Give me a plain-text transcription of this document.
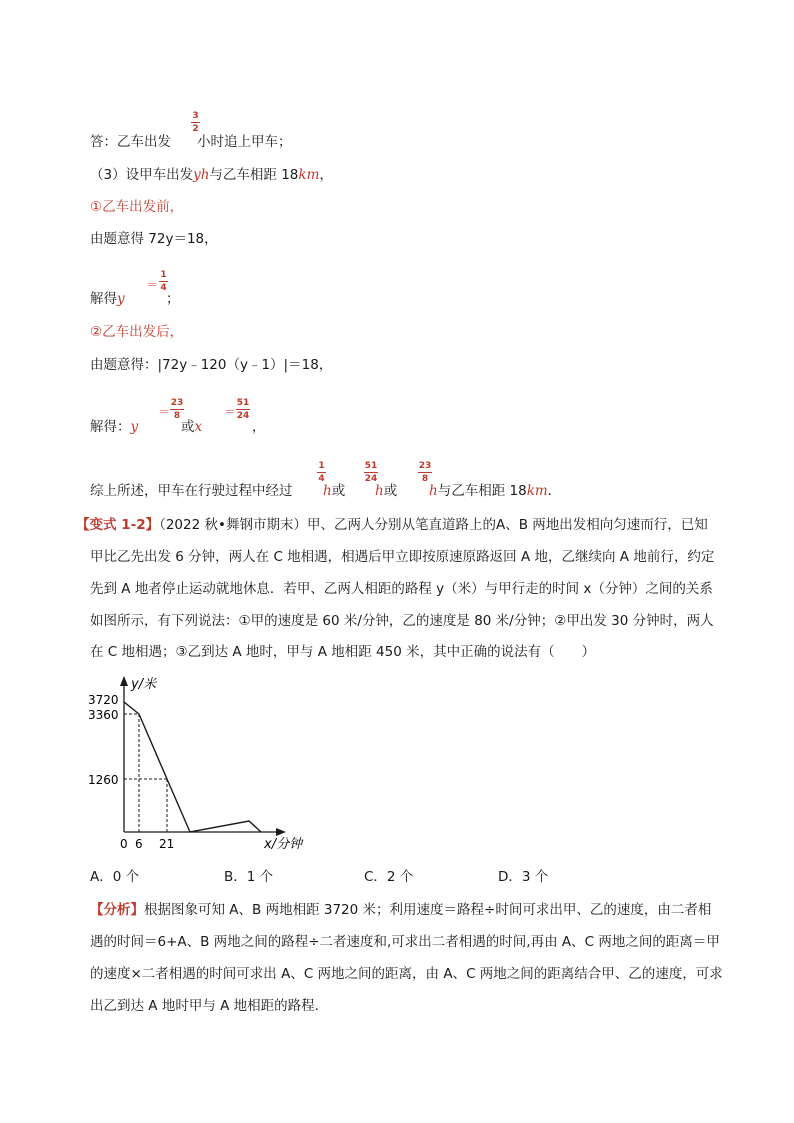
答：乙车出发
3
2
小时追上甲车；
（3）设甲车出发yh与乙车相距 18km，
①乙车出发前，
由题意得 72y＝18，
解得y
＝
1
4
；
②乙车出发后，
由题意得：|72y﹣120（y﹣1）|＝18，
解得：y
＝
23
8
或x
＝
51
24
，
综上所述，甲车在行驶过程中经过
1
4
h或
51
24
h或
23
8
h与乙车相距 18km．
【变式 1-2】（2022 秋•舞钢市期末）甲、乙两人分别从笔直道路上的A、B 两地出发相向匀速而行，已知
甲比乙先出发 6 分钟，两人在 C 地相遇，相遇后甲立即按原速原路返回 A 地，乙继续向 A 地前行，约定
先到 A 地者停止运动就地休息．若甲、乙两人相距的路程 y（米）与甲行走的时间 x（分钟）之间的关系
如图所示，有下列说法：①甲的速度是 60 米/分钟，乙的速度是 80 米/分钟；②甲出发 30 分钟时，两人
在 C 地相遇；③乙到达 A 地时，甲与 A 地相距 450 米，其中正确的说法有（　　）
y/米
3720
3360
1260
0 6 21	x/分钟
A．0 个	B．1 个	C．2 个	D．3 个
【分析】根据图象可知 A、B 两地相距 3720 米；利用速度＝路程÷时间可求出甲、乙的速度，由二者相
遇的时间＝6+A、B 两地之间的路程÷二者速度和,可求出二者相遇的时间,再由 A、C 两地之间的距离＝甲
的速度×二者相遇的时间可求出 A、C 两地之间的距离，由 A、C 两地之间的距离结合甲、乙的速度，可求
出乙到达 A 地时甲与 A 地相距的路程．
